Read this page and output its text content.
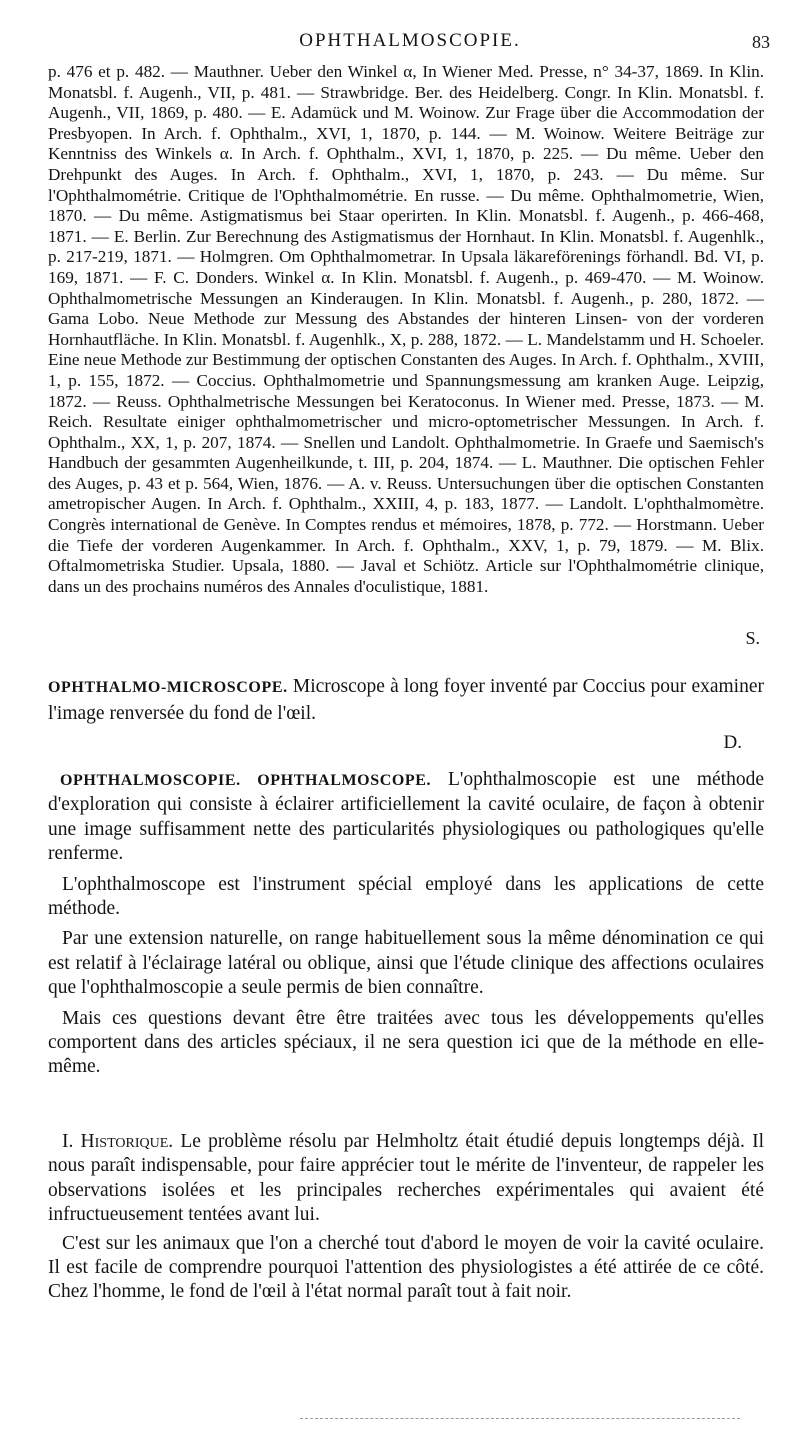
OPHTHALMOSCOPIE.	83

p. 476 et p. 482. — Mauthner. Ueber den Winkel α, In Wiener Med. Presse, n° 34-37, 1869. In Klin. Monatsbl. f. Augenh., VII, p. 481. — Strawbridge. Ber. des Heidelberg. Congr. In Klin. Monatsbl. f. Augenh., VII, 1869, p. 480. — E. Adamück und M. Woinow. Zur Frage über die Accommodation der Presbyopen. In Arch. f. Ophthalm., XVI, 1, 1870, p. 144. — M. Woinow. Weitere Beiträge zur Kenntniss des Winkels α. In Arch. f. Ophthalm., XVI, 1, 1870, p. 225. — Du même. Ueber den Drehpunkt des Auges. In Arch. f. Ophthalm., XVI, 1, 1870, p. 243. — Du même. Sur l'Ophthalmométrie. Critique de l'Ophthalmométrie. En russe. — Du même. Ophthalmometrie, Wien, 1870. — Du même. Astigmatismus bei Staar operirten. In Klin. Monatsbl. f. Augenh., p. 466-468, 1871. — E. Berlin. Zur Berechnung des Astigmatismus der Hornhaut. In Klin. Monatsbl. f. Augenhlk., p. 217-219, 1871. — Holmgren. Om Ophthalmometrar. In Upsala läkareförenings förhandl. Bd. VI, p. 169, 1871. — F. C. Donders. Winkel α. In Klin. Monatsbl. f. Augenh., p. 469-470. — M. Woinow. Ophthalmometrische Messungen an Kinderaugen. In Klin. Monatsbl. f. Augenh., p. 280, 1872. — Gama Lobo. Neue Methode zur Messung des Abstandes der hinteren Linsen- von der vorderen Hornhautfläche. In Klin. Monatsbl. f. Augenhlk., X, p. 288, 1872. — L. Mandelstamm und H. Schoeler. Eine neue Methode zur Bestimmung der optischen Constanten des Auges. In Arch. f. Ophthalm., XVIII, 1, p. 155, 1872. — Coccius. Ophthalmometrie und Spannungsmessung am kranken Auge. Leipzig, 1872. — Reuss. Ophthalmetrische Messungen bei Keratoconus. In Wiener med. Presse, 1873. — M. Reich. Resultate einiger ophthalmometrischer und micro-optometrischer Messungen. In Arch. f. Ophthalm., XX, 1, p. 207, 1874. — Snellen und Landolt. Ophthalmometrie. In Graefe und Saemisch's Handbuch der gesammten Augenheilkunde, t. III, p. 204, 1874. — L. Mauthner. Die optischen Fehler des Auges, p. 43 et p. 564, Wien, 1876. — A. v. Reuss. Untersuchungen über die optischen Constanten ametropischer Augen. In Arch. f. Ophthalm., XXIII, 4, p. 183, 1877. — Landolt. L'ophthalmomètre. Congrès international de Genève. In Comptes rendus et mémoires, 1878, p. 772. — Horstmann. Ueber die Tiefe der vorderen Augenkammer. In Arch. f. Ophthalm., XXV, 1, p. 79, 1879. — M. Blix. Oftalmometriska Studier. Upsala, 1880. — Javal et Schiötz. Article sur l'Ophthalmométrie clinique, dans un des prochains numéros des Annales d'oculistique, 1881.

S.

OPHTHALMO-MICROSCOPE. Microscope à long foyer inventé par Coccius pour examiner l'image renversée du fond de l'œil.

D.

OPHTHALMOSCOPIE. OPHTHALMOSCOPE. L'ophthalmoscopie est une méthode d'exploration qui consiste à éclairer artificiellement la cavité oculaire, de façon à obtenir une image suffisamment nette des particularités physiologiques ou pathologiques qu'elle renferme.

L'ophthalmoscope est l'instrument spécial employé dans les applications de cette méthode.

Par une extension naturelle, on range habituellement sous la même dénomination ce qui est relatif à l'éclairage latéral ou oblique, ainsi que l'étude clinique des affections oculaires que l'ophthalmoscopie a seule permis de bien connaître.

Mais ces questions devant être être traitées avec tous les développements qu'elles comportent dans des articles spéciaux, il ne sera question ici que de la méthode en elle-même.

I. Historique. Le problème résolu par Helmholtz était étudié depuis longtemps déjà. Il nous paraît indispensable, pour faire apprécier tout le mérite de l'inventeur, de rappeler les observations isolées et les principales recherches expérimentales qui avaient été infructueusement tentées avant lui.

C'est sur les animaux que l'on a cherché tout d'abord le moyen de voir la cavité oculaire. Il est facile de comprendre pourquoi l'attention des physiologistes a été attirée de ce côté. Chez l'homme, le fond de l'œil à l'état normal paraît tout à fait noir.
